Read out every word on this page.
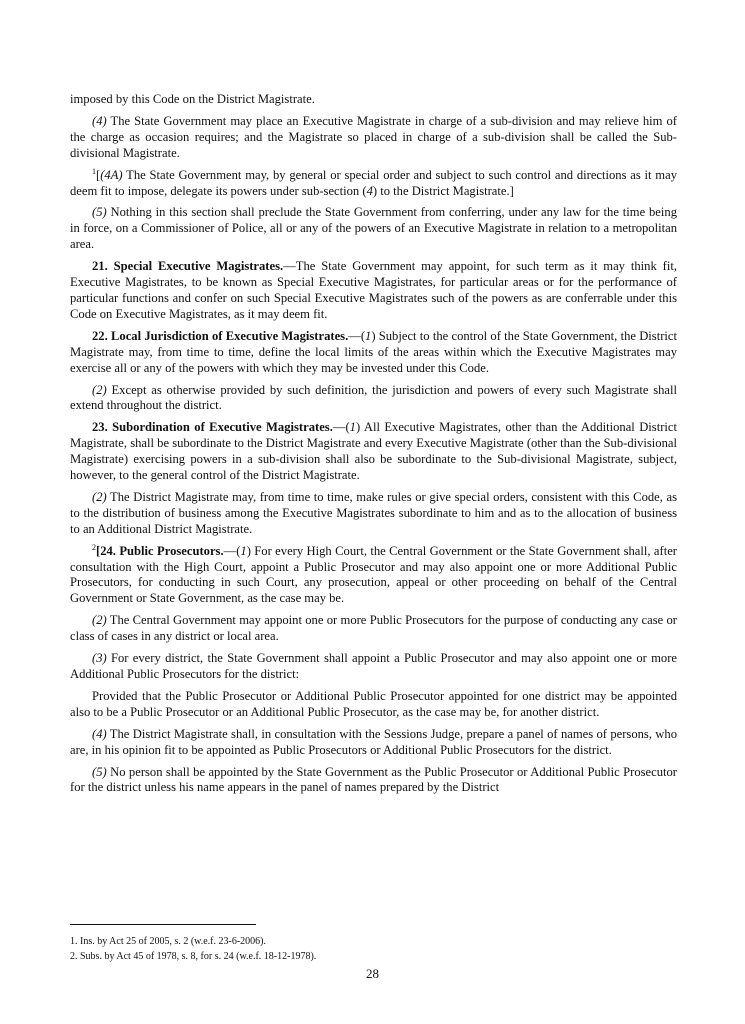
imposed by this Code on the District Magistrate.

(4) The State Government may place an Executive Magistrate in charge of a sub-division and may relieve him of the charge as occasion requires; and the Magistrate so placed in charge of a sub-division shall be called the Sub-divisional Magistrate.

$^1$[(4A) The State Government may, by general or special order and subject to such control and directions as it may deem fit to impose, delegate its powers under sub-section (4) to the District Magistrate.]

(5) Nothing in this section shall preclude the State Government from conferring, under any law for the time being in force, on a Commissioner of Police, all or any of the powers of an Executive Magistrate in relation to a metropolitan area.

21. Special Executive Magistrates.—The State Government may appoint, for such term as it may think fit, Executive Magistrates, to be known as Special Executive Magistrates, for particular areas or for the performance of particular functions and confer on such Special Executive Magistrates such of the powers as are conferrable under this Code on Executive Magistrates, as it may deem fit.

22. Local Jurisdiction of Executive Magistrates.—(1) Subject to the control of the State Government, the District Magistrate may, from time to time, define the local limits of the areas within which the Executive Magistrates may exercise all or any of the powers with which they may be invested under this Code.

(2) Except as otherwise provided by such definition, the jurisdiction and powers of every such Magistrate shall extend throughout the district.

23. Subordination of Executive Magistrates.—(1) All Executive Magistrates, other than the Additional District Magistrate, shall be subordinate to the District Magistrate and every Executive Magistrate (other than the Sub-divisional Magistrate) exercising powers in a sub-division shall also be subordinate to the Sub-divisional Magistrate, subject, however, to the general control of the District Magistrate.

(2) The District Magistrate may, from time to time, make rules or give special orders, consistent with this Code, as to the distribution of business among the Executive Magistrates subordinate to him and as to the allocation of business to an Additional District Magistrate.

$^2$[24. Public Prosecutors.—(1) For every High Court, the Central Government or the State Government shall, after consultation with the High Court, appoint a Public Prosecutor and may also appoint one or more Additional Public Prosecutors, for conducting in such Court, any prosecution, appeal or other proceeding on behalf of the Central Government or State Government, as the case may be.

(2) The Central Government may appoint one or more Public Prosecutors for the purpose of conducting any case or class of cases in any district or local area.

(3) For every district, the State Government shall appoint a Public Prosecutor and may also appoint one or more Additional Public Prosecutors for the district:

Provided that the Public Prosecutor or Additional Public Prosecutor appointed for one district may be appointed also to be a Public Prosecutor or an Additional Public Prosecutor, as the case may be, for another district.

(4) The District Magistrate shall, in consultation with the Sessions Judge, prepare a panel of names of persons, who are, in his opinion fit to be appointed as Public Prosecutors or Additional Public Prosecutors for the district.

(5) No person shall be appointed by the State Government as the Public Prosecutor or Additional Public Prosecutor for the district unless his name appears in the panel of names prepared by the District

1. Ins. by Act 25 of 2005, s. 2 (w.e.f. 23-6-2006).
2. Subs. by Act 45 of 1978, s. 8, for s. 24 (w.e.f. 18-12-1978).
28
